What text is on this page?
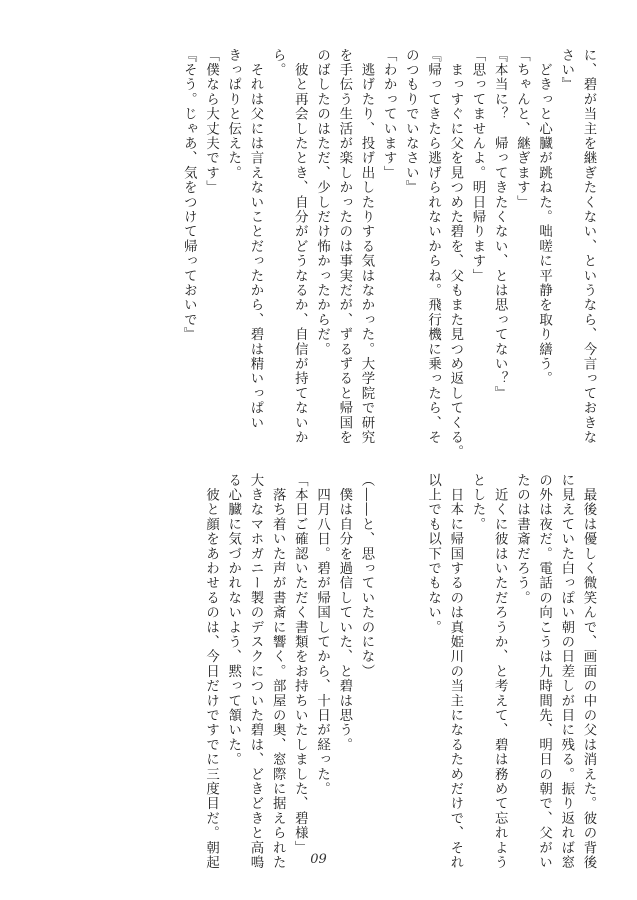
に、碧が当主を継ぎたくない、というなら、今言っておきな

さい』

　どきっと心臓が跳ねた。咄嗟に平静を取り繕う。

「ちゃんと、継ぎます」

『本当に？　帰ってきたくない、とは思ってない？』

「思ってませんよ。明日帰ります」

　まっすぐに父を見つめた碧を、父もまた見つめ返してくる。

『帰ってきたら逃げられないからね。飛行機に乗ったら、そ

のつもりでいなさい』

「わかっています」

　逃げたり、投げ出したりする気はなかった。大学院で研究

を手伝う生活が楽しかったのは事実だが、ずるずると帰国を

のばしたのはただ、少しだけ怖かったからだ。

　彼と再会したとき、自分がどうなるか、自信が持てないか

ら。

　それは父には言えないことだったから、碧は精いっぱい

きっぱりと伝えた。

「僕なら大丈夫です」

『そう。じゃあ、気をつけて帰っておいで』

　最後は優しく微笑んで、画面の中の父は消えた。彼の背後

に見えていた白っぽい朝の日差しが目に残る。振り返れば窓

の外は夜だ。電話の向こうは九時間先、明日の朝で、父がい

たのは書斎だろう。

　近くに彼はいただろうか、と考えて、碧は務めて忘れよう

とした。

　日本に帰国するのは真姫川の当主になるためだけで、それ

以上でも以下でもない。

（――と、思っていたのにな）

　僕は自分を過信していた、と碧は思う。

　四月八日。碧が帰国してから、十日が経った。

「本日ご確認いただく書類をお持ちいたしました、碧様」

　落ち着いた声が書斎に響く。部屋の奥、窓際に据えられた

大きなマホガニー製のデスクについた碧は、どきどきと高鳴

る心臓に気づかれないよう、黙って頷いた。

　彼と顔をあわせるのは、今日だけですでに三度目だ。朝起	09
